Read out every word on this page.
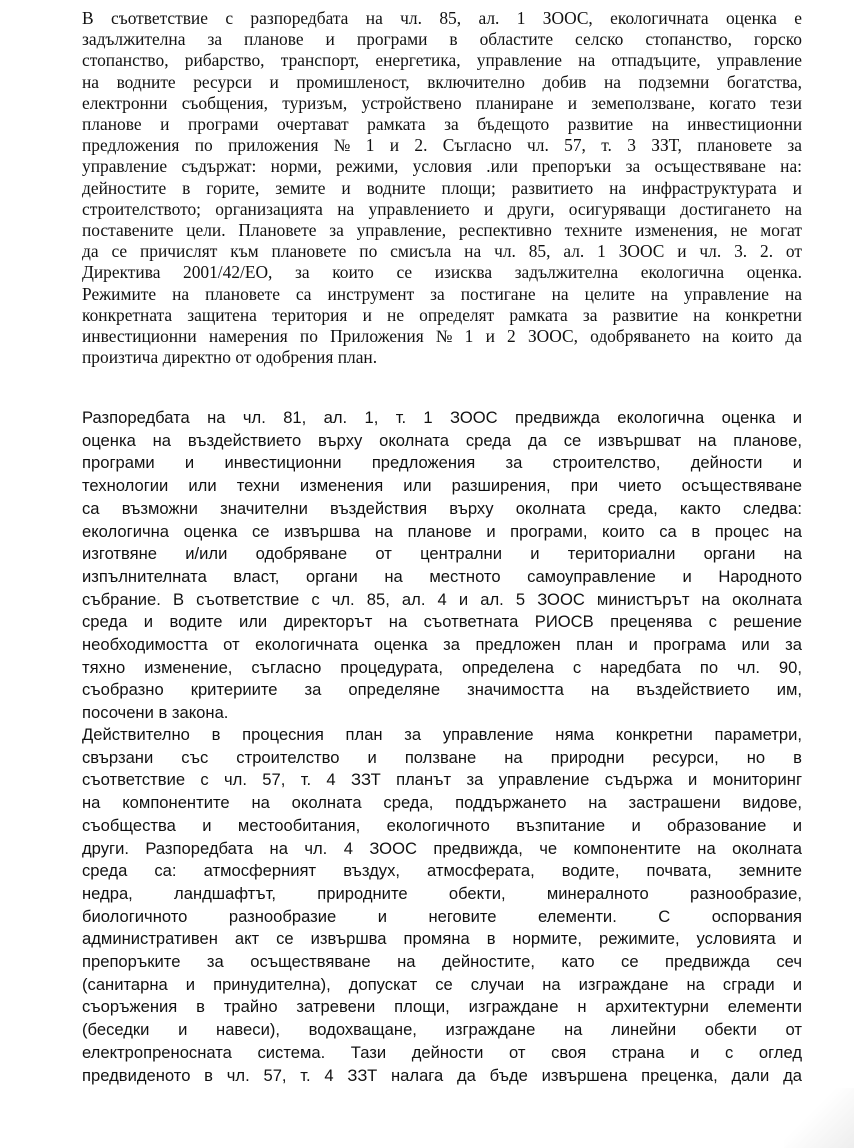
В съответствие с разпоредбата на чл. 85, ал. 1 ЗООС, екологичната оценка е
задължителна за планове и програми в областите селско стопанство, горско
стопанство, рибарство, транспорт, енергетика, управление на отпадъците, управление
на водните ресурси и промишленост, включително добив на подземни богатства,
електронни съобщения, туризъм, устройствено планиране и земеползване, когато тези
планове и програми очертават рамката за бъдещото развитие на инвестиционни
предложения по приложения № 1 и 2. Съгласно чл. 57, т. 3 ЗЗТ, плановете за
управление съдържат: норми, режими, условия .или препоръки за осъществяване на:
дейностите в горите, земите и водните площи; развитието на инфраструктурата и
строителството; организацията на управлението и други, осигуряващи достигането на
поставените цели. Плановете за управление, респективно техните изменения, не могат
да се причислят към плановете по смисъла на чл. 85, ал. 1 ЗООС и чл. 3. 2. от
Директива 2001/42/ЕО, за които се изисква задължителна екологична оценка.
Режимите на плановете са инструмент за постигане на целите на управление на
конкретната защитена територия и не определят рамката за развитие на конкретни
инвестиционни намерения по Приложения № 1 и 2 ЗООС, одобряването на които да
произтича директно от одобрения план.
Разпоредбата на чл. 81, ал. 1, т. 1 ЗООС предвижда екологична оценка и
оценка на въздействието върху околната среда да се извършват на планове,
програми и инвестиционни предложения за строителство, дейности и
технологии или техни изменения или разширения, при чието осъществяване
са възможни значителни въздействия върху околната среда, както следва:
екологична оценка се извършва на планове и програми, които са в процес на
изготвяне и/или одобряване от централни и териториални органи на
изпълнителната власт, органи на местното самоуправление и Народното
събрание. В съответствие с чл. 85, ал. 4 и ал. 5 ЗООС министърът на околната
среда и водите или директорът на съответната РИОСВ преценява с решение
необходимостта от екологичната оценка за предложен план и програма или за
тяхно изменение, съгласно процедурата, определена с наредбата по чл. 90,
съобразно критериите за определяне значимостта на въздействието им,
посочени в закона.
Действително в процесния план за управление няма конкретни параметри,
свързани със строителство и ползване на природни ресурси, но в
съответствие с чл. 57, т. 4 ЗЗТ планът за управление съдържа и мониторинг
на компонентите на околната среда, поддържането на застрашени видове,
съобщества и местообитания, екологичното възпитание и образование и
други. Разпоредбата на чл. 4 ЗООС предвижда, че компонентите на околната
среда са: атмосферният въздух, атмосферата, водите, почвата, земните
недра, ландшафтът, природните обекти, минералното разнообразие,
биологичното разнообразие и неговите елементи. С оспорвания
административен акт се извършва промяна в нормите, режимите, условията и
препоръките за осъществяване на дейностите, като се предвижда сеч
(санитарна и принудителна), допускат се случаи на изграждане на сгради и
съоръжения в трайно затревени площи, изграждане н архитектурни елементи
(беседки и навеси), водохващане, изграждане на линейни обекти от
електропреносната система. Тази дейности от своя страна и с оглед
предвиденото в чл. 57, т. 4 ЗЗТ налага да бъде извършена преценка, дали да
